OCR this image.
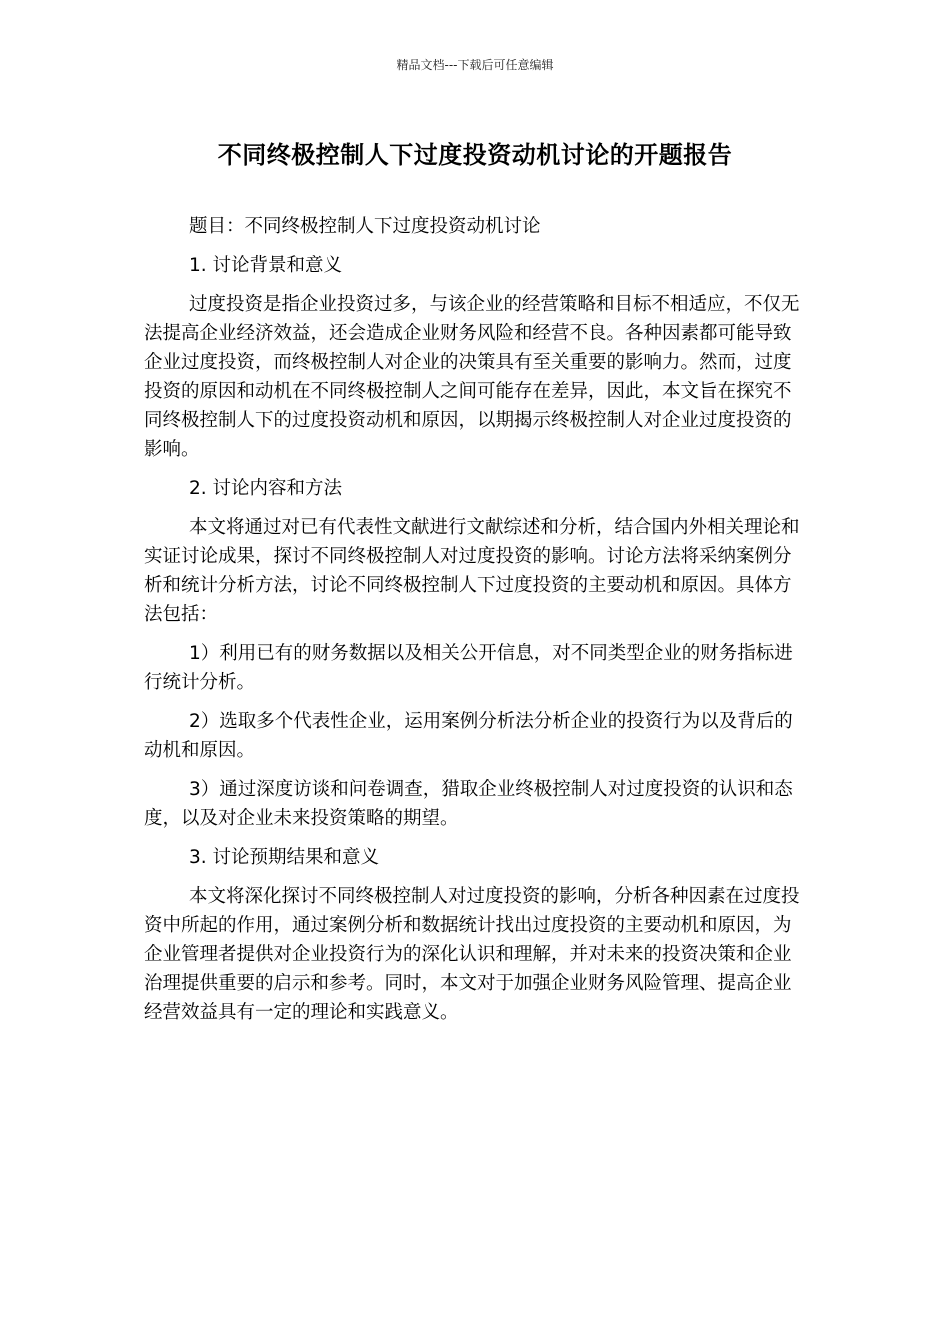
精品文档---下载后可任意编辑
不同终极控制人下过度投资动机讨论的开题报告

题目：不同终极控制人下过度投资动机讨论

1. 讨论背景和意义

过度投资是指企业投资过多，与该企业的经营策略和目标不相适应，不仅无法提高企业经济效益，还会造成企业财务风险和经营不良。各种因素都可能导致企业过度投资，而终极控制人对企业的决策具有至关重要的影响力。然而，过度投资的原因和动机在不同终极控制人之间可能存在差异，因此，本文旨在探究不同终极控制人下的过度投资动机和原因，以期揭示终极控制人对企业过度投资的影响。

2. 讨论内容和方法

本文将通过对已有代表性文献进行文献综述和分析，结合国内外相关理论和实证讨论成果，探讨不同终极控制人对过度投资的影响。讨论方法将采纳案例分析和统计分析方法，讨论不同终极控制人下过度投资的主要动机和原因。具体方法包括：

1）利用已有的财务数据以及相关公开信息，对不同类型企业的财务指标进行统计分析。

2）选取多个代表性企业，运用案例分析法分析企业的投资行为以及背后的动机和原因。

3）通过深度访谈和问卷调查，猎取企业终极控制人对过度投资的认识和态度，以及对企业未来投资策略的期望。

3. 讨论预期结果和意义

本文将深化探讨不同终极控制人对过度投资的影响，分析各种因素在过度投资中所起的作用，通过案例分析和数据统计找出过度投资的主要动机和原因，为企业管理者提供对企业投资行为的深化认识和理解，并对未来的投资决策和企业治理提供重要的启示和参考。同时，本文对于加强企业财务风险管理、提高企业经营效益具有一定的理论和实践意义。
